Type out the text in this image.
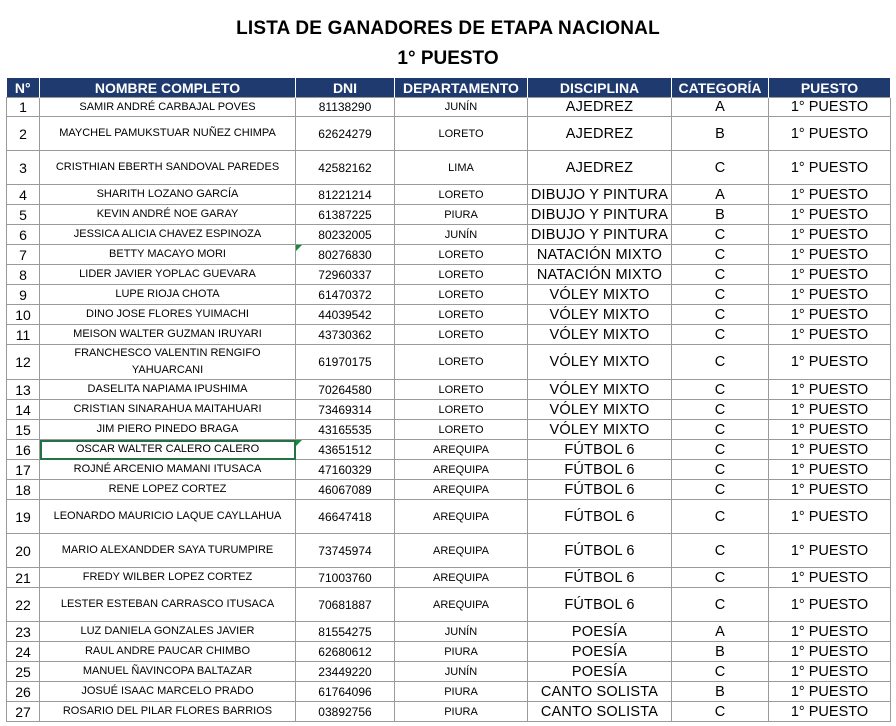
LISTA DE GANADORES DE ETAPA NACIONAL
1° PUESTO
N°	NOMBRE COMPLETO	DNI	DEPARTAMENTO	DISCIPLINA	CATEGORÍA	PUESTO
1	SAMIR ANDRÉ CARBAJAL POVES	81138290	JUNÍN	AJEDREZ	A	1° PUESTO
2	MAYCHEL PAMUKSTUAR NUÑEZ CHIMPA	62624279	LORETO	AJEDREZ	B	1° PUESTO
3	CRISTHIAN EBERTH SANDOVAL PAREDES	42582162	LIMA	AJEDREZ	C	1° PUESTO
4	SHARITH LOZANO GARCÍA	81221214	LORETO	DIBUJO Y PINTURA	A	1° PUESTO
5	KEVIN ANDRÉ NOE GARAY	61387225	PIURA	DIBUJO Y PINTURA	B	1° PUESTO
6	JESSICA ALICIA CHAVEZ ESPINOZA	80232005	JUNÍN	DIBUJO Y PINTURA	C	1° PUESTO
7	BETTY MACAYO MORI	80276830	LORETO	NATACIÓN MIXTO	C	1° PUESTO
8	LIDER JAVIER YOPLAC GUEVARA	72960337	LORETO	NATACIÓN MIXTO	C	1° PUESTO
9	LUPE RIOJA CHOTA	61470372	LORETO	VÓLEY MIXTO	C	1° PUESTO
10	DINO JOSE FLORES YUIMACHI	44039542	LORETO	VÓLEY MIXTO	C	1° PUESTO
11	MEISON WALTER GUZMAN IRUYARI	43730362	LORETO	VÓLEY MIXTO	C	1° PUESTO
12	FRANCHESCO VALENTIN RENGIFO YAHUARCANI	61970175	LORETO	VÓLEY MIXTO	C	1° PUESTO
13	DASELITA NAPIAMA IPUSHIMA	70264580	LORETO	VÓLEY MIXTO	C	1° PUESTO
14	CRISTIAN SINARAHUA MAITAHUARI	73469314	LORETO	VÓLEY MIXTO	C	1° PUESTO
15	JIM PIERO PINEDO BRAGA	43165535	LORETO	VÓLEY MIXTO	C	1° PUESTO
16	OSCAR WALTER CALERO CALERO	43651512	AREQUIPA	FÚTBOL 6	C	1° PUESTO
17	ROJNÉ ARCENIO MAMANI ITUSACA	47160329	AREQUIPA	FÚTBOL 6	C	1° PUESTO
18	RENE LOPEZ CORTEZ	46067089	AREQUIPA	FÚTBOL 6	C	1° PUESTO
19	LEONARDO MAURICIO LAQUE CAYLLAHUA	46647418	AREQUIPA	FÚTBOL 6	C	1° PUESTO
20	MARIO ALEXANDDER SAYA TURUMPIRE	73745974	AREQUIPA	FÚTBOL 6	C	1° PUESTO
21	FREDY WILBER LOPEZ CORTEZ	71003760	AREQUIPA	FÚTBOL 6	C	1° PUESTO
22	LESTER ESTEBAN CARRASCO ITUSACA	70681887	AREQUIPA	FÚTBOL 6	C	1° PUESTO
23	LUZ DANIELA GONZALES JAVIER	81554275	JUNÍN	POESÍA	A	1° PUESTO
24	RAUL ANDRE PAUCAR CHIMBO	62680612	PIURA	POESÍA	B	1° PUESTO
25	MANUEL ÑAVINCOPA BALTAZAR	23449220	JUNÍN	POESÍA	C	1° PUESTO
26	JOSUÉ ISAAC MARCELO PRADO	61764096	PIURA	CANTO SOLISTA	B	1° PUESTO
27	ROSARIO DEL PILAR FLORES BARRIOS	03892756	PIURA	CANTO SOLISTA	C	1° PUESTO
